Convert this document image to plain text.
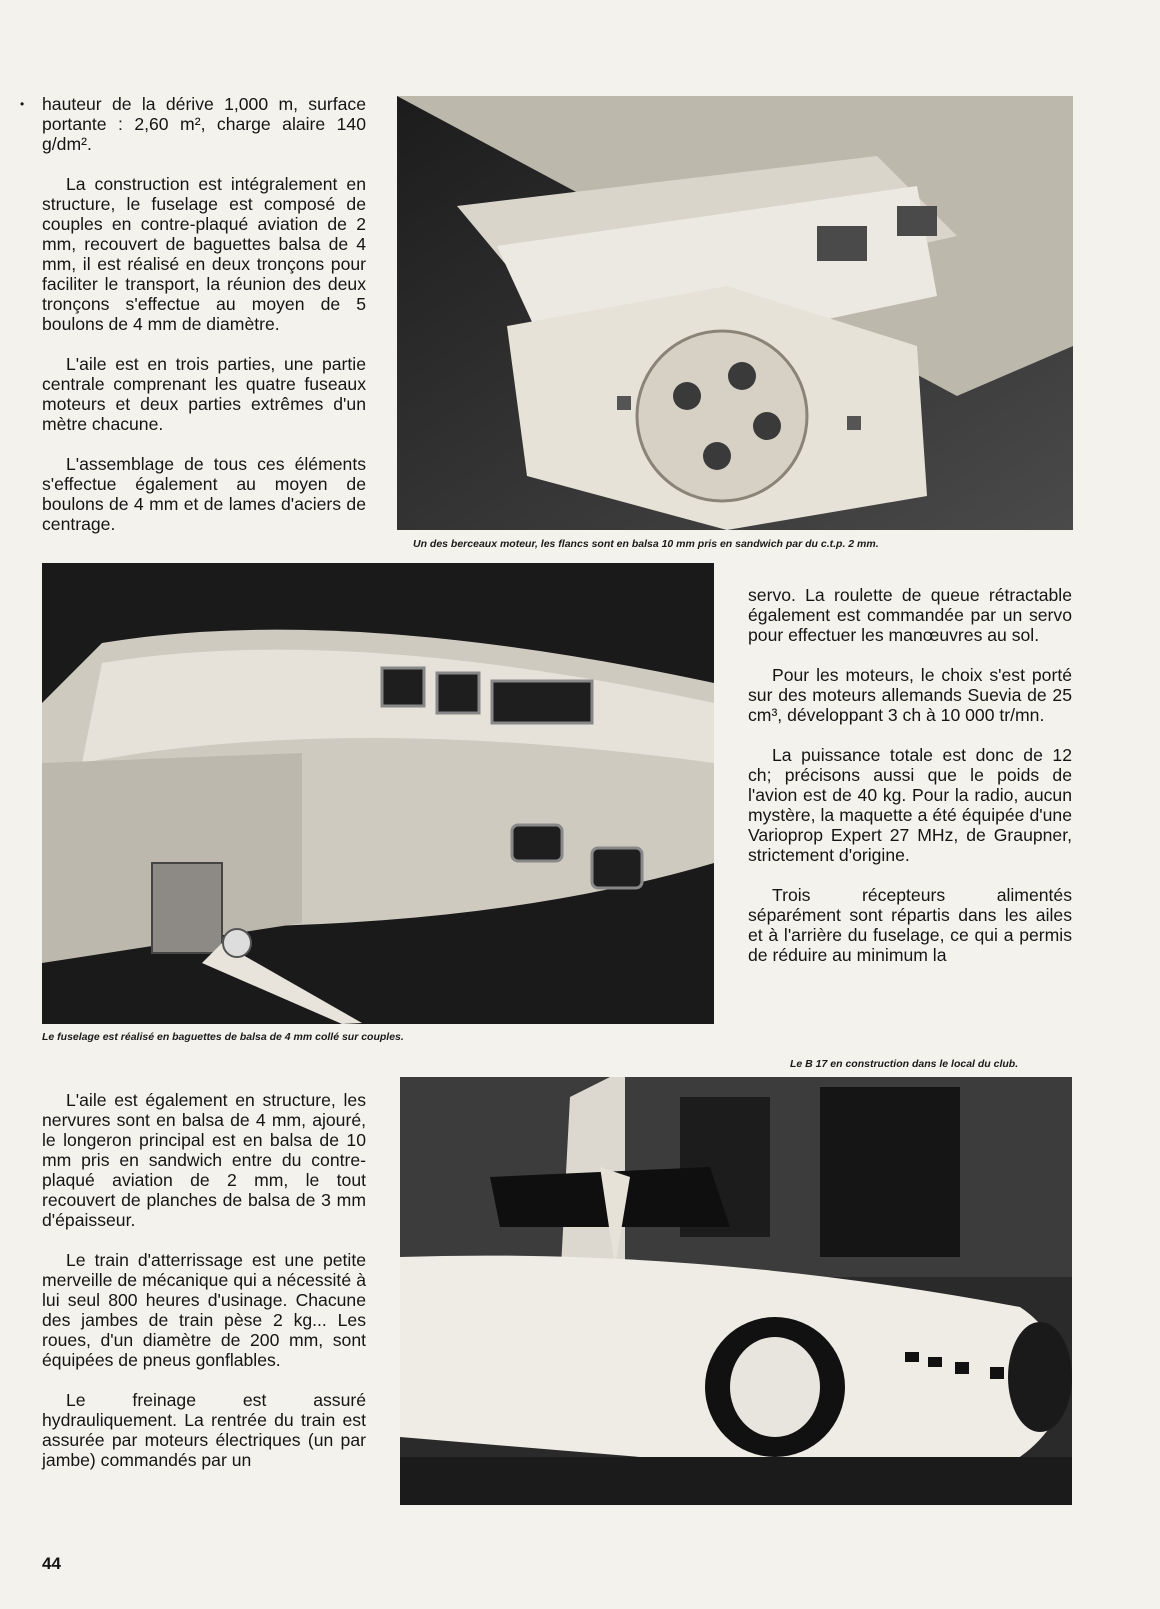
• hauteur de la dérive 1,000 m, surface portante : 2,60 m², charge alaire 140 g/dm².

La construction est intégralement en structure, le fuselage est composé de couples en contre-plaqué aviation de 2 mm, recouvert de baguettes balsa de 4 mm, il est réalisé en deux tronçons pour faciliter le transport, la réunion des deux tronçons s'effectue au moyen de 5 boulons de 4 mm de diamètre.

L'aile est en trois parties, une partie centrale comprenant les quatre fuseaux moteurs et deux parties extrêmes d'un mètre chacune.

L'assemblage de tous ces éléments s'effectue également au moyen de boulons de 4 mm et de lames d'aciers de centrage.

Un des berceaux moteur, les flancs sont en balsa 10 mm pris en sandwich par du c.t.p. 2 mm.
Le fuselage est réalisé en baguettes de balsa de 4 mm collé sur couples.

servo. La roulette de queue rétractable également est commandée par un servo pour effectuer les manœuvres au sol.

Pour les moteurs, le choix s'est porté sur des moteurs allemands Suevia de 25 cm³, développant 3 ch à 10 000 tr/mn.

La puissance totale est donc de 12 ch; précisons aussi que le poids de l'avion est de 40 kg. Pour la radio, aucun mystère, la maquette a été équipée d'une Varioprop Expert 27 MHz, de Graupner, strictement d'origine.

Trois récepteurs alimentés séparément sont répartis dans les ailes et à l'arrière du fuselage, ce qui a permis de réduire au minimum la

Le B 17 en construction dans le local du club.

L'aile est également en structure, les nervures sont en balsa de 4 mm, ajouré, le longeron principal est en balsa de 10 mm pris en sandwich entre du contre-plaqué aviation de 2 mm, le tout recouvert de planches de balsa de 3 mm d'épaisseur.

Le train d'atterrissage est une petite merveille de mécanique qui a nécessité à lui seul 800 heures d'usinage. Chacune des jambes de train pèse 2 kg... Les roues, d'un diamètre de 200 mm, sont équipées de pneus gonflables.

Le freinage est assuré hydrauliquement. La rentrée du train est assurée par moteurs électriques (un par jambe) commandés par un

44
